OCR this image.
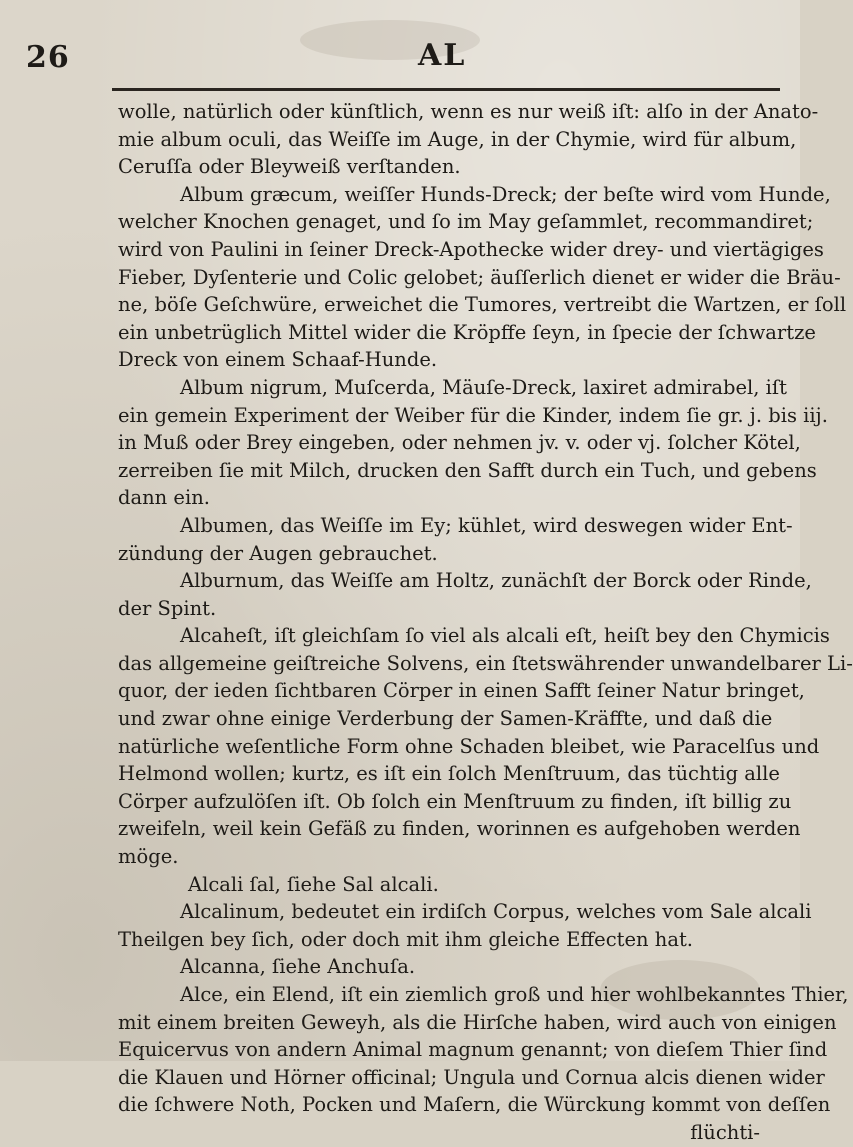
26	AL
wolle, natürlich oder künſtlich, wenn es nur weiß iſt: alſo in der Anato-
mie album oculi, das Weiſſe im Auge, in der Chymie, wird für album,
Ceruſſa oder Bleyweiß verſtanden.
Album græcum, weiſſer Hunds-Dreck; der beſte wird vom Hunde,
welcher Knochen genaget, und ſo im May geſammlet, recommandiret;
wird von Paulini in ſeiner Dreck-Apothecke wider drey- und viertägiges
Fieber, Dyſenterie und Colic gelobet; äuſſerlich dienet er wider die Bräu-
ne, böſe Geſchwüre, erweichet die Tumores, vertreibt die Wartzen, er ſoll
ein unbetrüglich Mittel wider die Kröpffe ſeyn, in ſpecie der ſchwartze
Dreck von einem Schaaf-Hunde.
Album nigrum, Muſcerda, Mäuſe-Dreck, laxiret admirabel, iſt
ein gemein Experiment der Weiber für die Kinder, indem ſie gr. j. bis iij.
in Muß oder Brey eingeben, oder nehmen jv. v. oder vj. ſolcher Kötel,
zerreiben ſie mit Milch, drucken den Safft durch ein Tuch, und gebens
dann ein.
Albumen, das Weiſſe im Ey; kühlet, wird deswegen wider Ent-
zündung der Augen gebrauchet.
Alburnum, das Weiſſe am Holtz, zunächſt der Borck oder Rinde,
der Spint.
Alcaheſt, iſt gleichſam ſo viel als alcali eſt, heiſt bey den Chymicis
das allgemeine geiſtreiche Solvens, ein ſtetswährender unwandelbarer Li-
quor, der ieden ſichtbaren Cörper in einen Safft ſeiner Natur bringet,
und zwar ohne einige Verderbung der Samen-Kräffte, und daß die
natürliche weſentliche Form ohne Schaden bleibet, wie Paracelſus und
Helmond wollen; kurtz, es iſt ein ſolch Menſtruum, das tüchtig alle
Cörper aufzulöſen iſt. Ob ſolch ein Menſtruum zu finden, iſt billig zu
zweifeln, weil kein Gefäß zu finden, worinnen es aufgehoben werden
möge.
Alcali ſal, ſiehe Sal alcali.
Alcalinum, bedeutet ein irdiſch Corpus, welches vom Sale alcali
Theilgen bey ſich, oder doch mit ihm gleiche Effecten hat.
Alcanna, ſiehe Anchuſa.
Alce, ein Elend, iſt ein ziemlich groß und hier wohlbekanntes Thier,
mit einem breiten Geweyh, als die Hirſche haben, wird auch von einigen
Equicervus von andern Animal magnum genannt; von dieſem Thier ſind
die Klauen und Hörner officinal; Ungula und Cornua alcis dienen wider
die ſchwere Noth, Pocken und Maſern, die Würckung kommt von deſſen
flüchti-
